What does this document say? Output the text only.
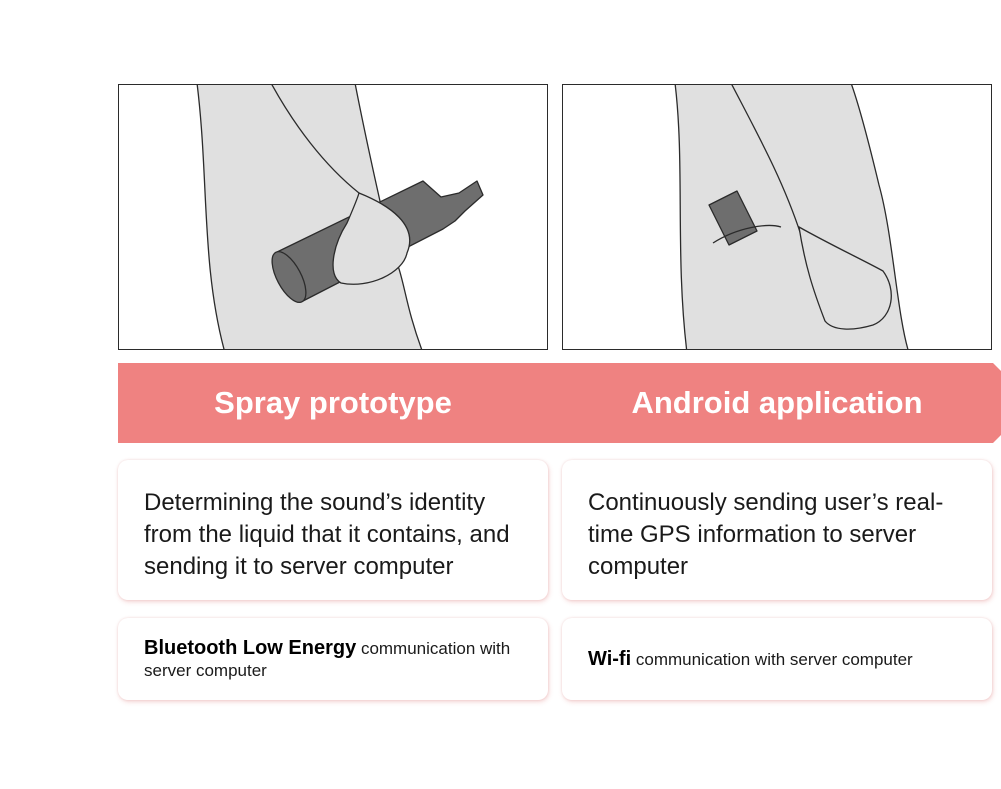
Spray prototype	Android application
Determining the sound’s identity from the liquid that it contains, and sending it to server computer
Continuously sending user’s real-time GPS information to server computer
Bluetooth Low Energy communication with server computer
Wi-fi communication with server computer
